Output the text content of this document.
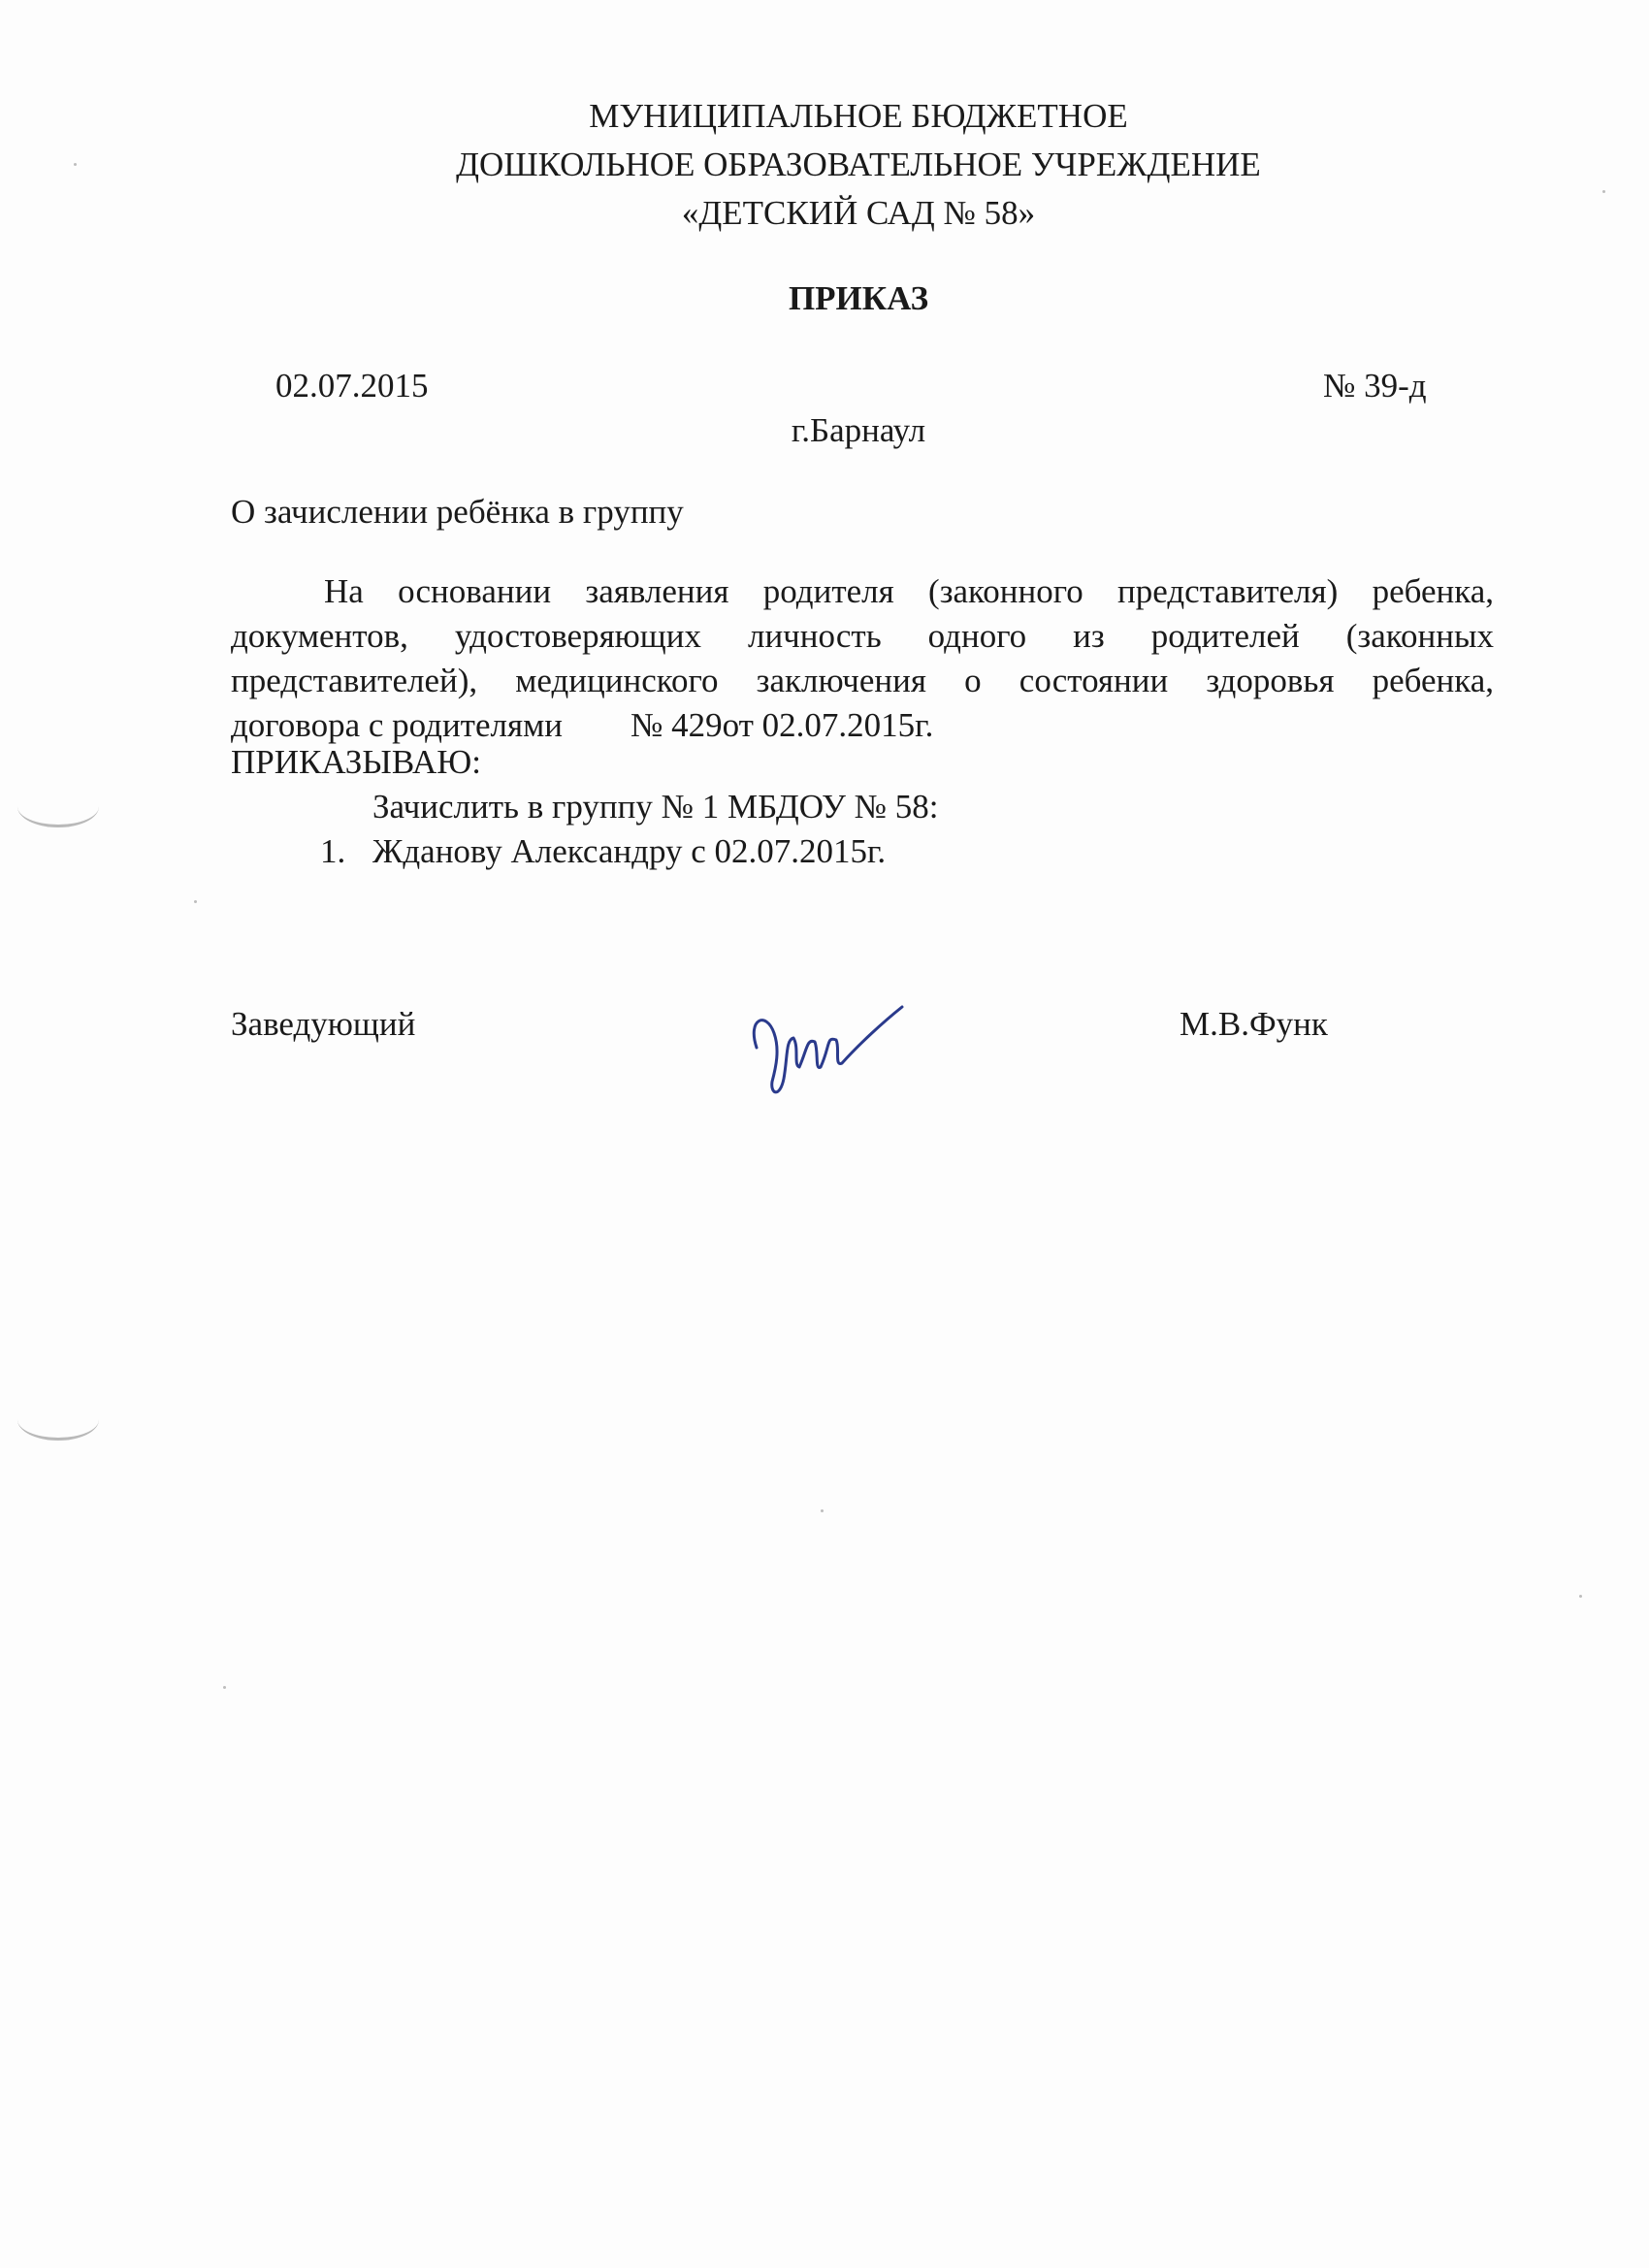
МУНИЦИПАЛЬНОЕ БЮДЖЕТНОЕ
ДОШКОЛЬНОЕ ОБРАЗОВАТЕЛЬНОЕ УЧРЕЖДЕНИЕ
«ДЕТСКИЙ САД № 58»
ПРИКАЗ
02.07.2015	№ 39-д
г.Барнаул
О зачислении ребёнка в группу
На основании заявления родителя (законного представителя) ребенка,
документов, удостоверяющих личность одного из родителей (законных
представителей), медицинского заключения о состоянии здоровья ребенка,
договора с родителями        № 429от 02.07.2015г.
ПРИКАЗЫВАЮ:
Зачислить в группу № 1 МБДОУ № 58:
1. Жданову Александру с 02.07.2015г.
Заведующий	М.В.Функ
